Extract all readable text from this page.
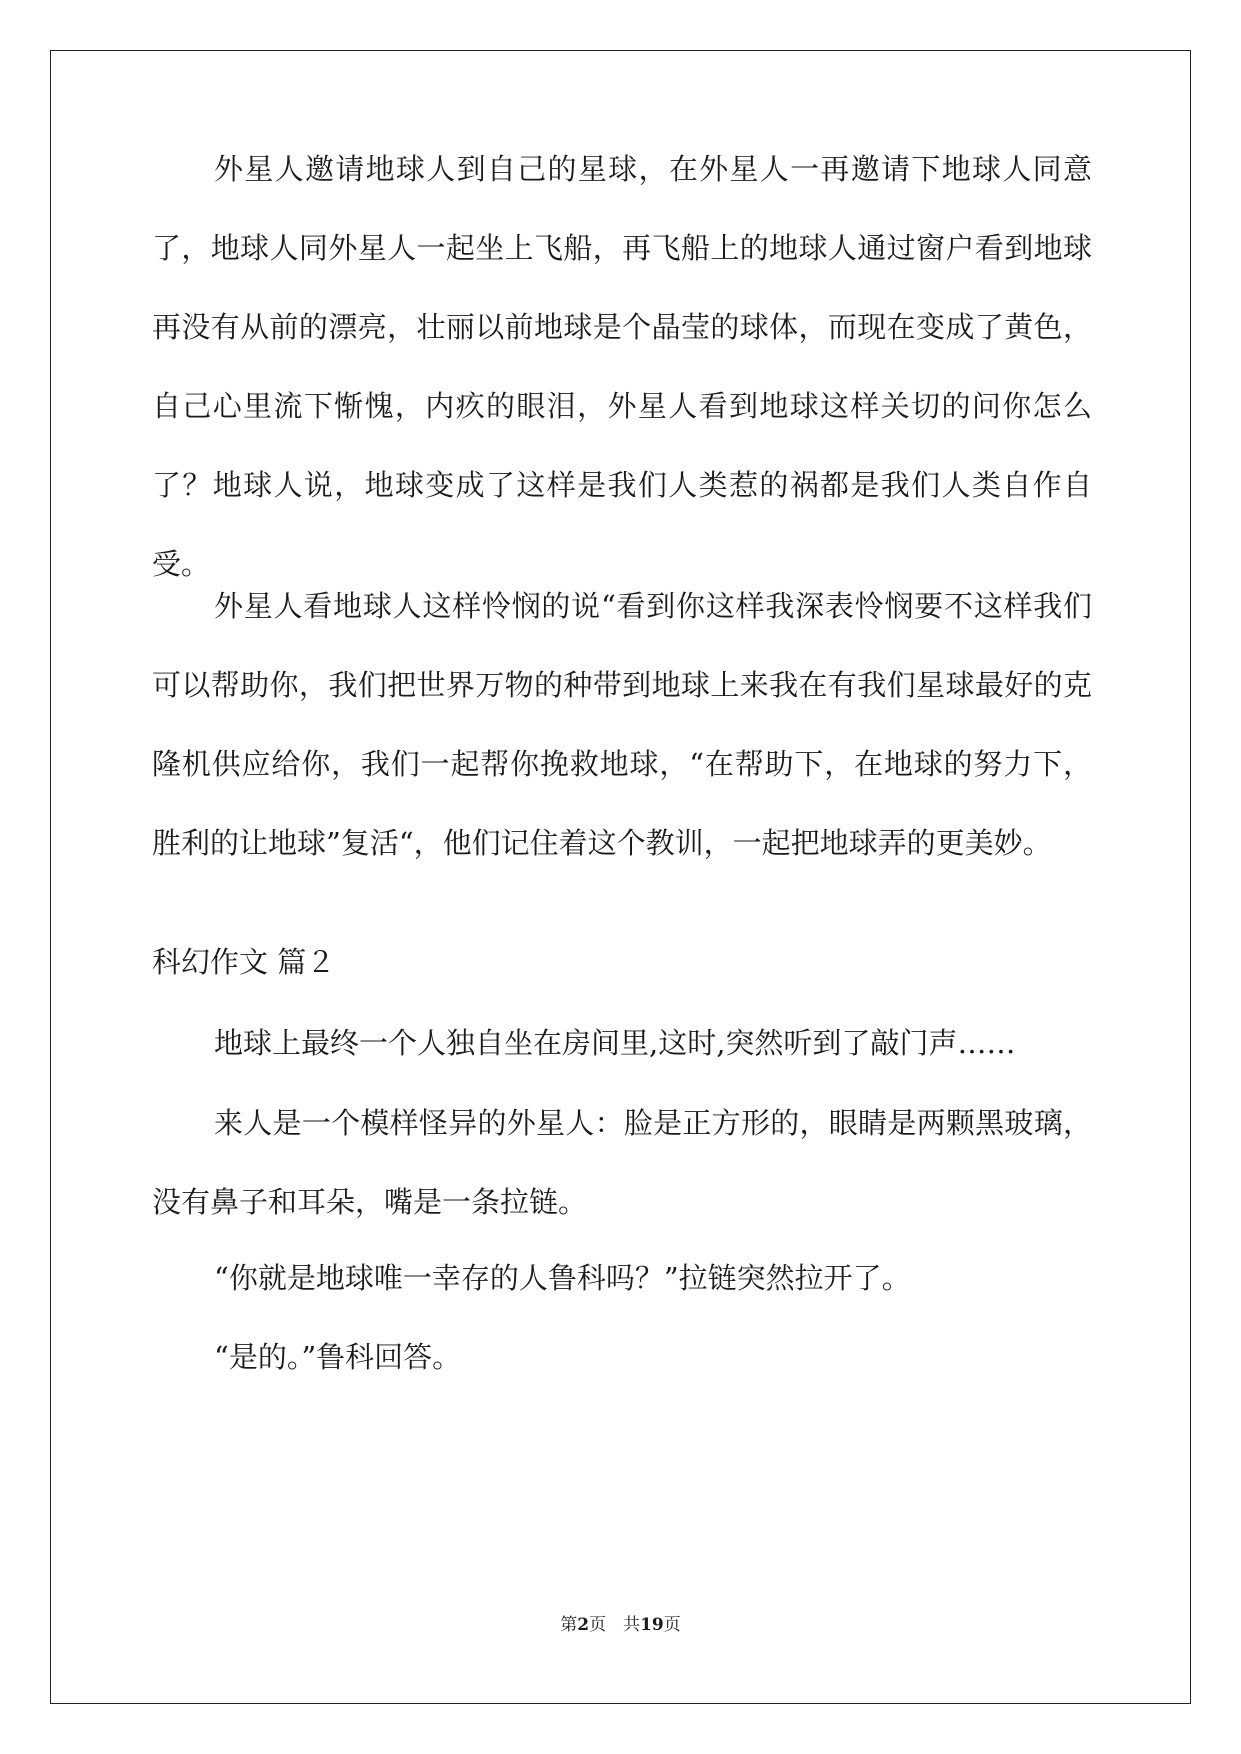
外星人邀请地球人到自己的星球，在外星人一再邀请下地球人同意了，地球人同外星人一起坐上飞船，再飞船上的地球人通过窗户看到地球再没有从前的漂亮，壮丽以前地球是个晶莹的球体，而现在变成了黄色，自己心里流下惭愧，内疚的眼泪，外星人看到地球这样关切的问你怎么了？地球人说，地球变成了这样是我们人类惹的祸都是我们人类自作自受。

外星人看地球人这样怜悯的说“看到你这样我深表怜悯要不这样我们可以帮助你，我们把世界万物的种带到地球上来我在有我们星球最好的克隆机供应给你，我们一起帮你挽救地球，“在帮助下，在地球的努力下，胜利的让地球”复活“，他们记住着这个教训，一起把地球弄的更美妙。

科幻作文 篇２

地球上最终一个人独自坐在房间里,这时,突然听到了敲门声……

来人是一个模样怪异的外星人：脸是正方形的，眼睛是两颗黑玻璃，没有鼻子和耳朵，嘴是一条拉链。

“你就是地球唯一幸存的人鲁科吗？”拉链突然拉开了。

“是的。”鲁科回答。

第2页　共19页
